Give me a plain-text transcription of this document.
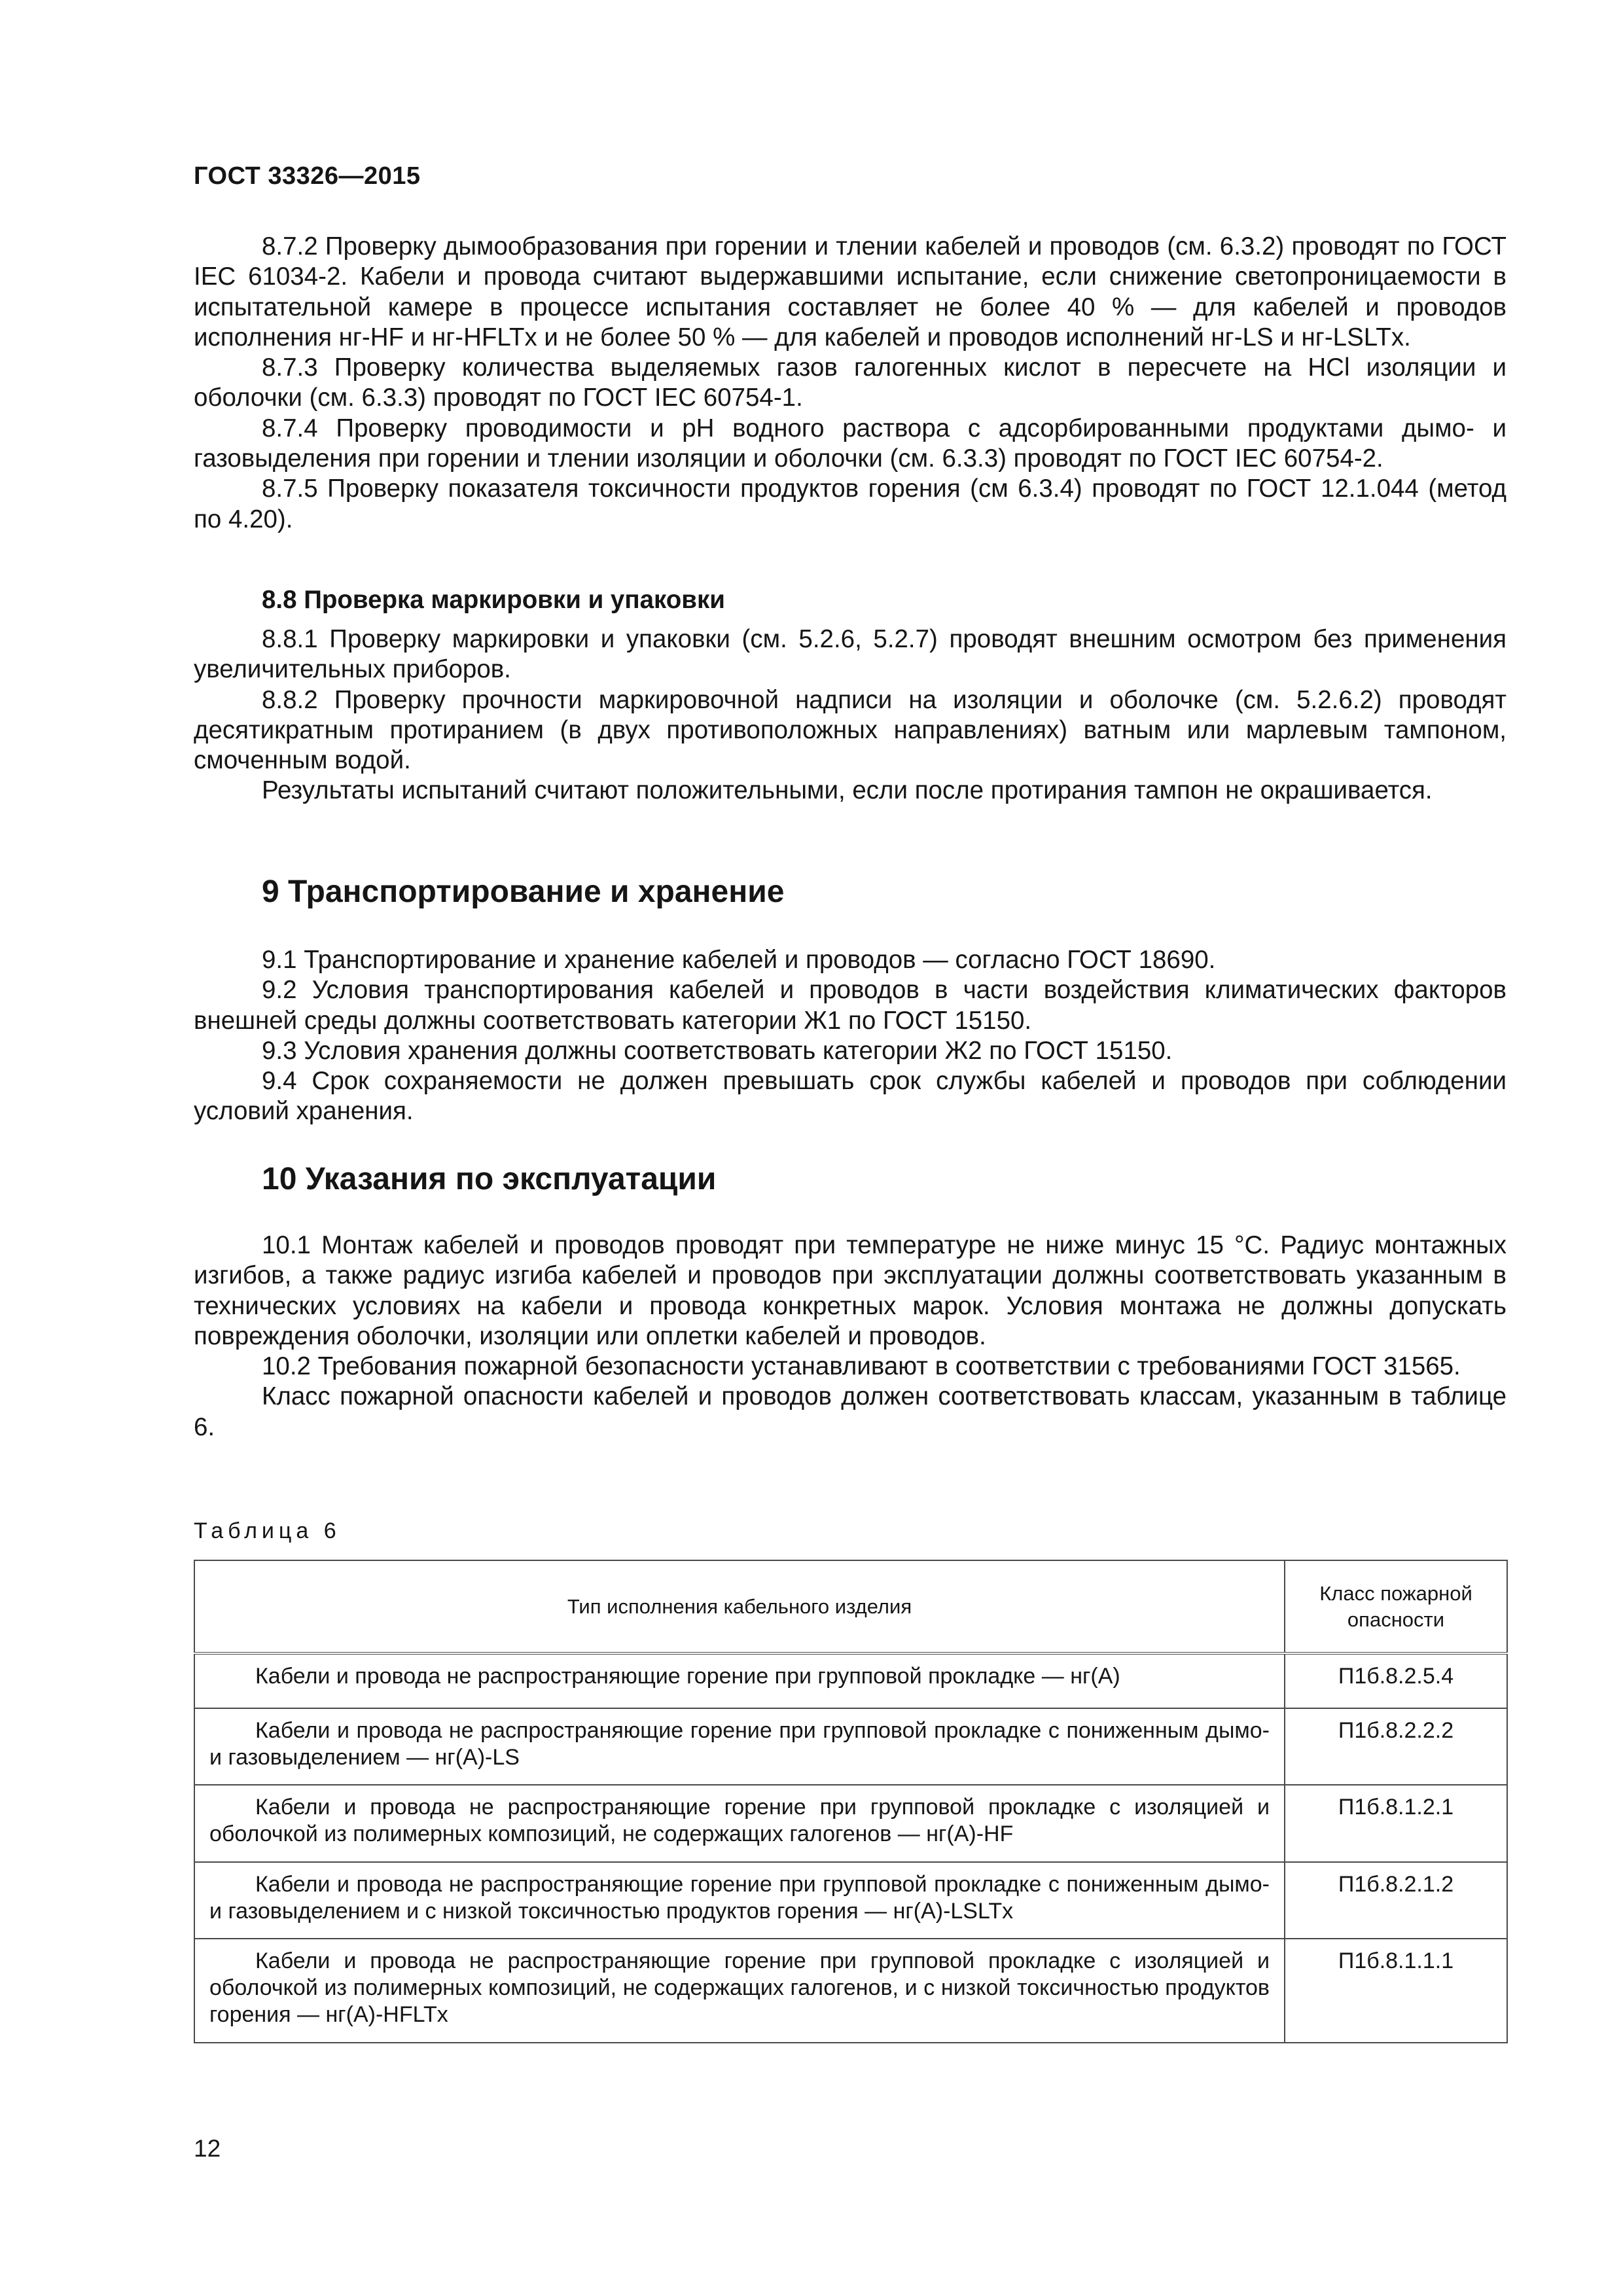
ГОСТ 33326—2015

8.7.2 Проверку дымообразования при горении и тлении кабелей и проводов (см. 6.3.2) проводят по ГОСТ IEC 61034-2. Кабели и провода считают выдержавшими испытание, если снижение светопроницаемости в испытательной камере в процессе испытания составляет не более 40 % — для кабелей и проводов исполнения нг-HF и нг-HFLTx и не более 50 % — для кабелей и проводов исполнений нг-LS и нг-LSLTx.

8.7.3 Проверку количества выделяемых газов галогенных кислот в пересчете на HCl изоляции и оболочки (см. 6.3.3) проводят по ГОСТ IEC 60754-1.

8.7.4 Проверку проводимости и pH водного раствора с адсорбированными продуктами дымо- и газовыделения при горении и тлении изоляции и оболочки (см. 6.3.3) проводят по ГОСТ IEC 60754-2.

8.7.5 Проверку показателя токсичности продуктов горения (см 6.3.4) проводят по ГОСТ 12.1.044 (метод по 4.20).

8.8 Проверка маркировки и упаковки

8.8.1 Проверку маркировки и упаковки (см. 5.2.6, 5.2.7) проводят внешним осмотром без применения увеличительных приборов.

8.8.2 Проверку прочности маркировочной надписи на изоляции и оболочке (см. 5.2.6.2) проводят десятикратным протиранием (в двух противоположных направлениях) ватным или марлевым тампоном, смоченным водой.

Результаты испытаний считают положительными, если после протирания тампон не окрашивается.

9 Транспортирование и хранение

9.1 Транспортирование и хранение кабелей и проводов — согласно ГОСТ 18690.

9.2 Условия транспортирования кабелей и проводов в части воздействия климатических факторов внешней среды должны соответствовать категории Ж1 по ГОСТ 15150.

9.3 Условия хранения должны соответствовать категории Ж2 по ГОСТ 15150.

9.4 Срок сохраняемости не должен превышать срок службы кабелей и проводов при соблюдении условий хранения.

10 Указания по эксплуатации

10.1 Монтаж кабелей и проводов проводят при температуре не ниже минус 15 °С. Радиус монтажных изгибов, а также радиус изгиба кабелей и проводов при эксплуатации должны соответствовать указанным в технических условиях на кабели и провода конкретных марок. Условия монтажа не должны допускать повреждения оболочки, изоляции или оплетки кабелей и проводов.

10.2 Требования пожарной безопасности устанавливают в соответствии с требованиями ГОСТ 31565.

Класс пожарной опасности кабелей и проводов должен соответствовать классам, указанным в таблице 6.

Таблица 6
Тип исполнения кабельного изделия	Класс пожарной опасности
Кабели и провода не распространяющие горение при групповой прокладке — нг(А)	П1б.8.2.5.4
Кабели и провода не распространяющие горение при групповой прокладке с пониженным дымо- и газовыделением — нг(А)-LS	П1б.8.2.2.2
Кабели и провода не распространяющие горение при групповой прокладке с изоляцией и оболочкой из полимерных композиций, не содержащих галогенов — нг(А)-HF	П1б.8.1.2.1
Кабели и провода не распространяющие горение при групповой прокладке с пониженным дымо- и газовыделением и с низкой токсичностью продуктов горения — нг(А)-LSLTx	П1б.8.2.1.2
Кабели и провода не распространяющие горение при групповой прокладке с изоляцией и оболочкой из полимерных композиций, не содержащих галогенов, и с низкой токсичностью продуктов горения — нг(А)-HFLTx	П1б.8.1.1.1
12
